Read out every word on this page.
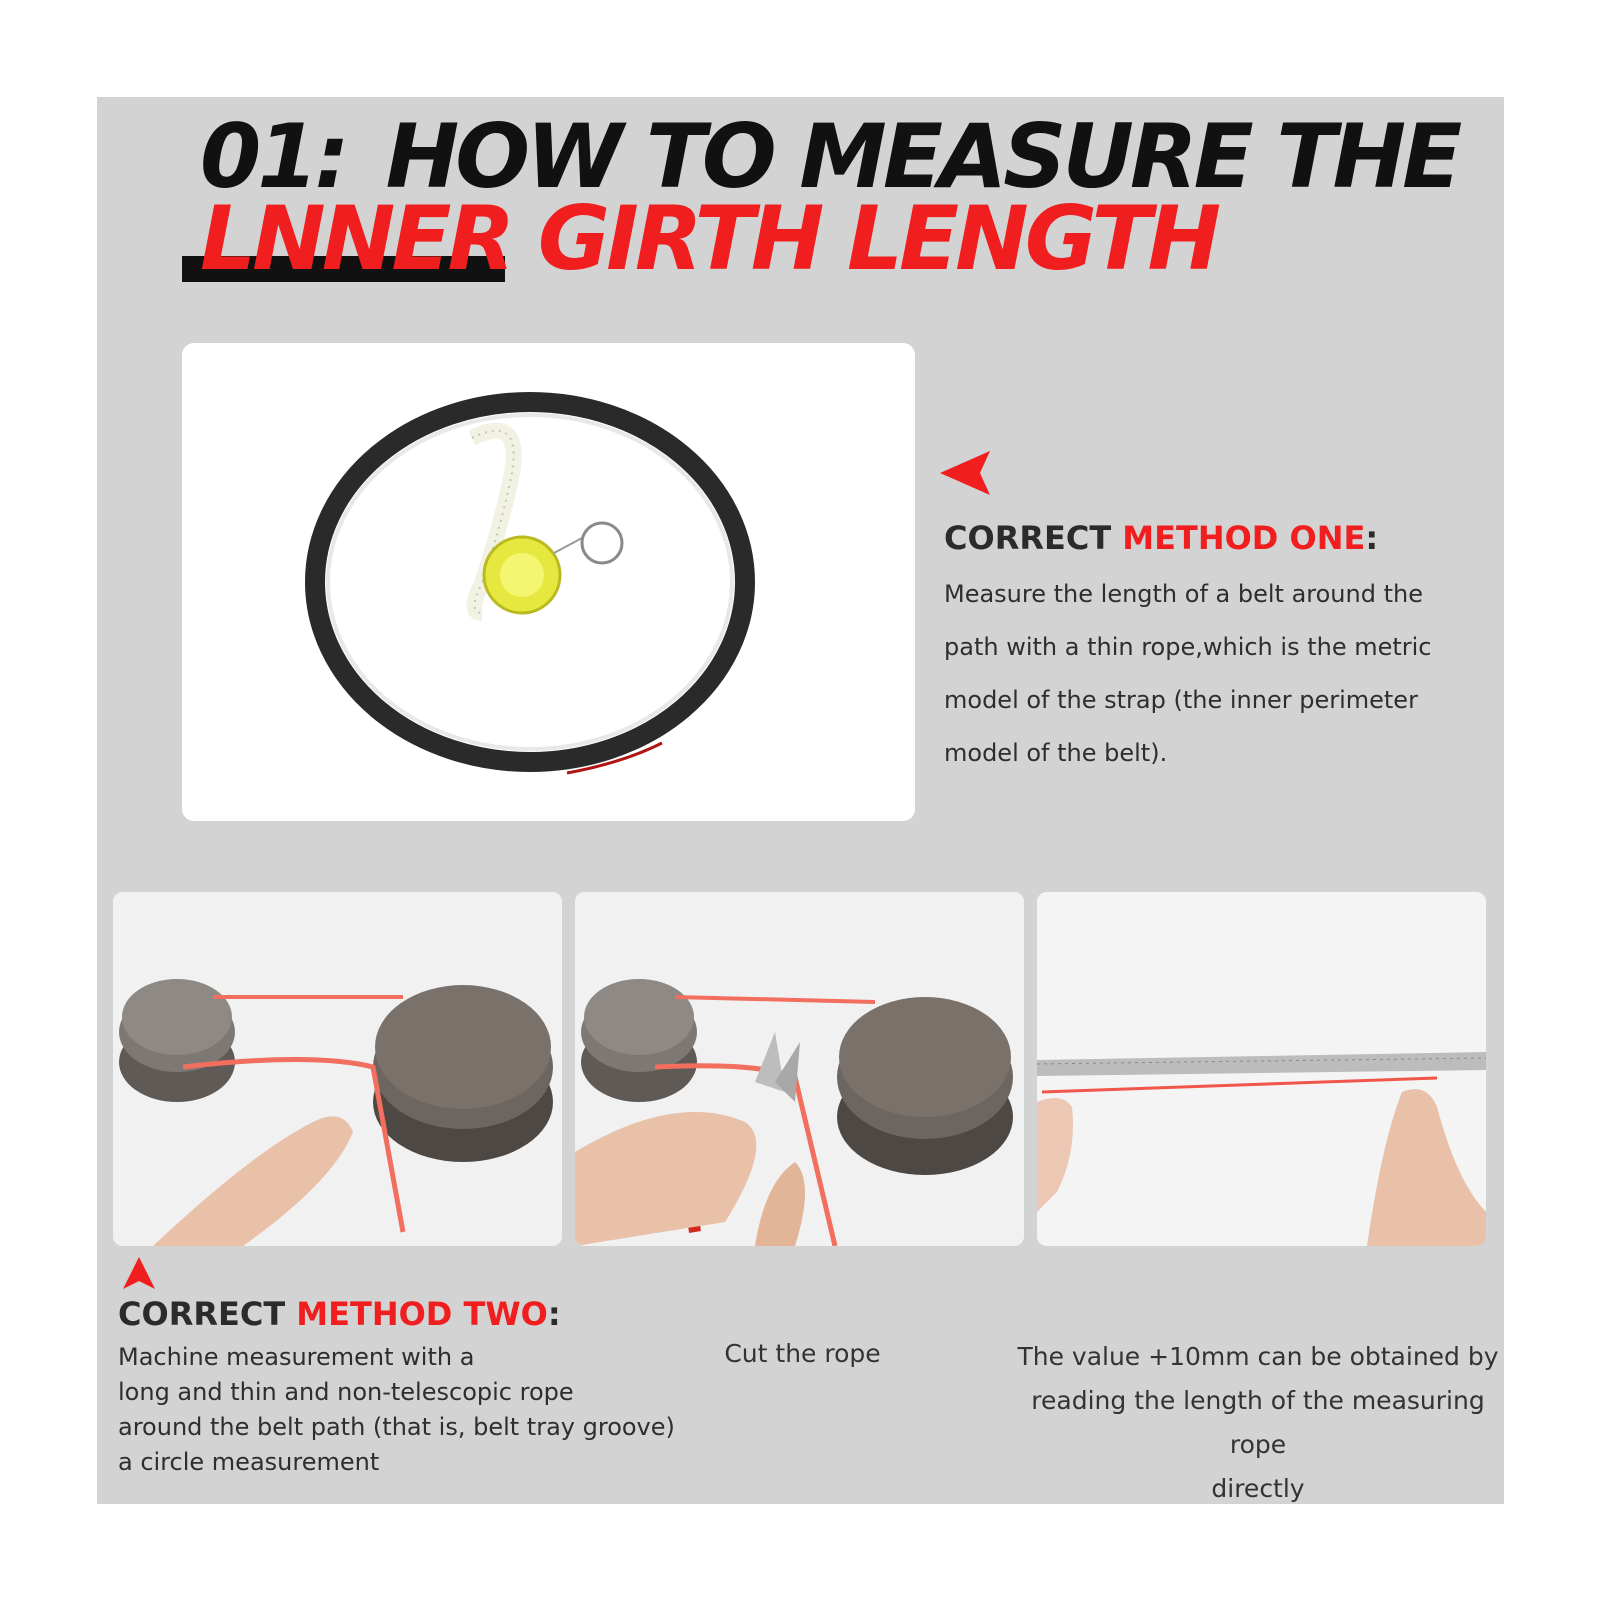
01: HOW TO MEASURE THE
LNNER GIRTH LENGTH
CORRECT METHOD ONE:
Measure the length of a belt around the
path with a thin rope,which is the metric
model of the strap (the inner perimeter
model of the belt).
CORRECT METHOD TWO:
Machine measurement with a
long and thin and non-telescopic rope
around the belt path (that is, belt tray groove)
a circle measurement
Cut the rope	The value +10mm can be obtained by
reading the length of the measuring rope
directly
